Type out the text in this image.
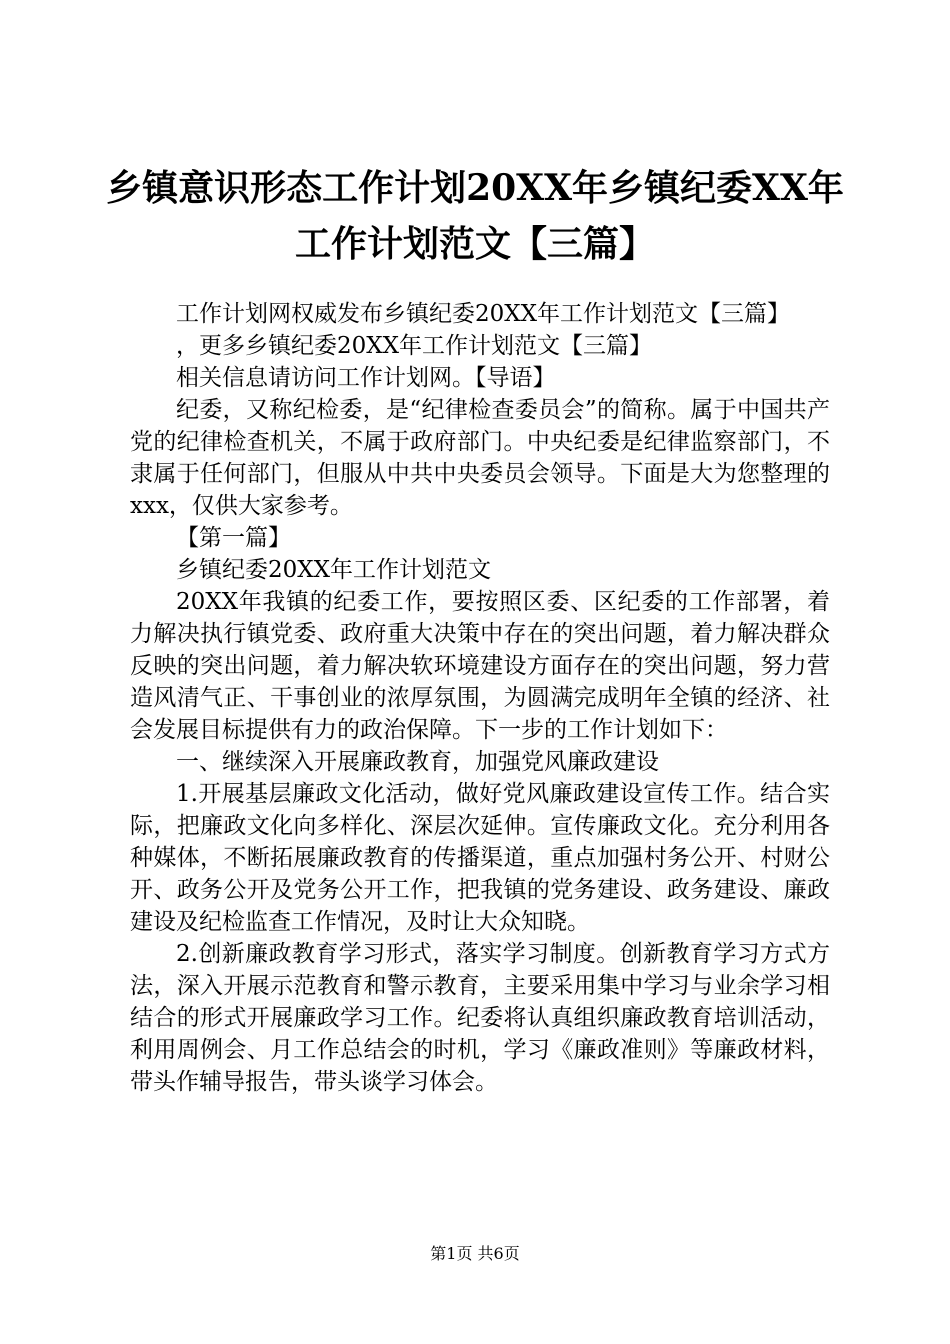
乡镇意识形态工作计划20XX年乡镇纪委XX年工作计划范文【三篇】

工作计划网权威发布乡镇纪委20XX年工作计划范文【三篇】

，更多乡镇纪委20XX年工作计划范文【三篇】

相关信息请访问工作计划网。【导语】

纪委，又称纪检委，是“纪律检查委员会”的简称。属于中国共产党的纪律检查机关，不属于政府部门。中央纪委是纪律监察部门，不隶属于任何部门，但服从中共中央委员会领导。下面是大为您整理的xxx，仅供大家参考。

【第一篇】

乡镇纪委20XX年工作计划范文

20XX年我镇的纪委工作，要按照区委、区纪委的工作部署，着力解决执行镇党委、政府重大决策中存在的突出问题，着力解决群众反映的突出问题，着力解决软环境建设方面存在的突出问题，努力营造风清气正、干事创业的浓厚氛围，为圆满完成明年全镇的经济、社会发展目标提供有力的政治保障。下一步的工作计划如下：

一、继续深入开展廉政教育，加强党风廉政建设

1.开展基层廉政文化活动，做好党风廉政建设宣传工作。结合实际，把廉政文化向多样化、深层次延伸。宣传廉政文化。充分利用各种媒体，不断拓展廉政教育的传播渠道，重点加强村务公开、村财公开、政务公开及党务公开工作，把我镇的党务建设、政务建设、廉政建设及纪检监查工作情况，及时让大众知晓。

2.创新廉政教育学习形式，落实学习制度。创新教育学习方式方法，深入开展示范教育和警示教育，主要采用集中学习与业余学习相结合的形式开展廉政学习工作。纪委将认真组织廉政教育培训活动，利用周例会、月工作总结会的时机，学习《廉政准则》等廉政材料，带头作辅导报告，带头谈学习体会。

第1页 共6页
